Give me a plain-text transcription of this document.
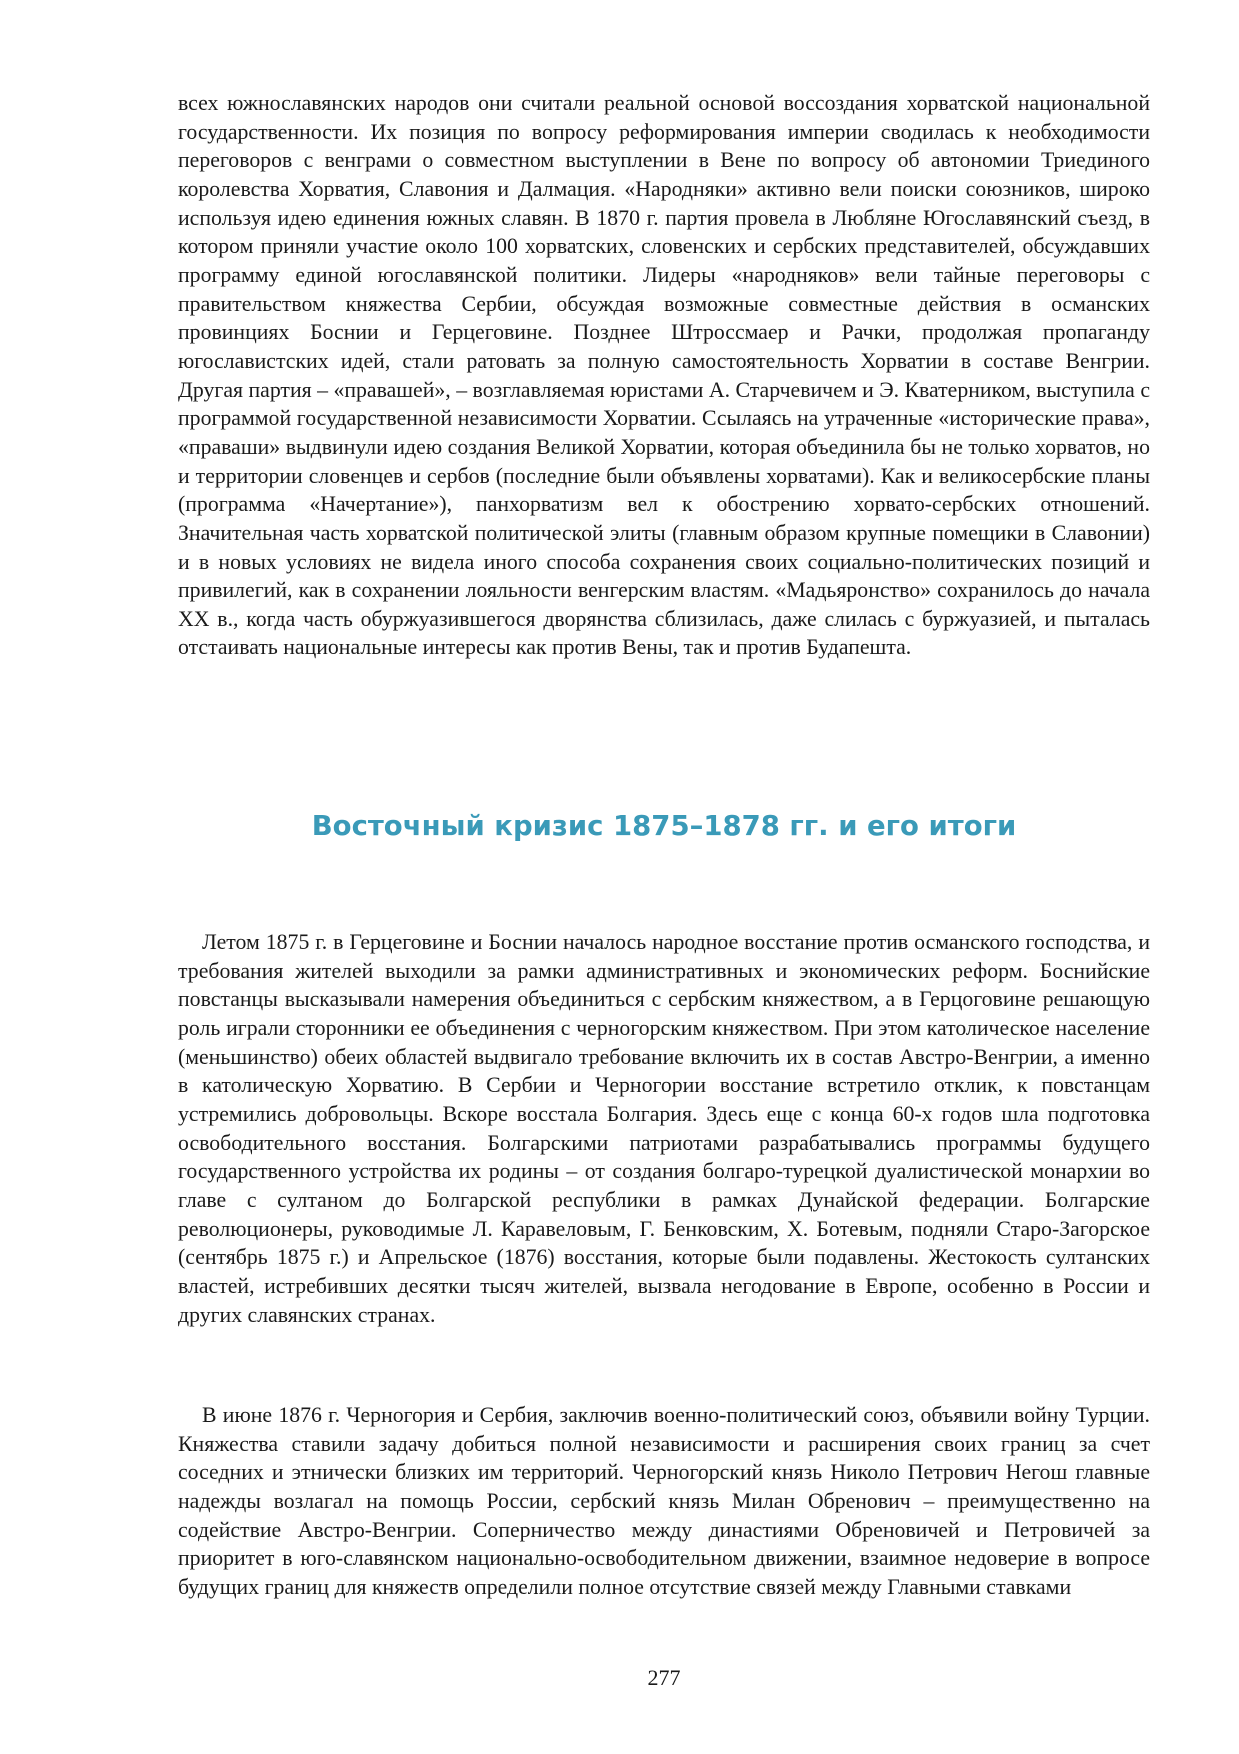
всех южнославянских народов они считали реальной основой воссоздания хорватской национальной государственности. Их позиция по вопросу реформирования империи сводилась к необходимости переговоров с венграми о совместном выступлении в Вене по вопросу об автономии Триединого королевства Хорватия, Славония и Далмация. «Народняки» активно вели поиски союзников, широко используя идею единения южных славян. В 1870 г. партия провела в Любляне Югославянский съезд, в котором приняли участие около 100 хорватских, словенских и сербских представителей, обсуждавших программу единой югославянской политики. Лидеры «народняков» вели тайные переговоры с правительством княжества Сербии, обсуждая возможные совместные действия в османских провинциях Боснии и Герцеговине. Позднее Штроссмаер и Рачки, продолжая пропаганду югославистских идей, стали ратовать за полную самостоятельность Хорватии в составе Венгрии. Другая партия – «правашей», – возглавляемая юристами А. Старчевичем и Э. Кватерником, выступила с программой государственной независимости Хорватии. Ссылаясь на утраченные «исторические права», «праваши» выдвинули идею создания Великой Хорватии, которая объединила бы не только хорватов, но и территории словенцев и сербов (последние были объявлены хорватами). Как и великосербские планы (программа «Начертание»), панхорватизм вел к обострению хорвато-сербских отношений. Значительная часть хорватской политической элиты (главным образом крупные помещики в Славонии) и в новых условиях не видела иного способа сохранения своих социально-политических позиций и привилегий, как в сохранении лояльности венгерским властям. «Мадьяронство» сохранилось до начала XX в., когда часть обуржуазившегося дворянства сблизилась, даже слилась с буржуазией, и пыталась отстаивать национальные интересы как против Вены, так и против Будапешта.

Восточный кризис 1875–1878 гг. и его итоги

Летом 1875 г. в Герцеговине и Боснии началось народное восстание против османского господства, и требования жителей выходили за рамки административных и экономических реформ. Боснийские повстанцы высказывали намерения объединиться с сербским княжеством, а в Герцоговине решающую роль играли сторонники ее объединения с черногорским княжеством. При этом католическое население (меньшинство) обеих областей выдвигало требование включить их в состав Австро-Венгрии, а именно в католическую Хорватию. В Сербии и Черногории восстание встретило отклик, к повстанцам устремились добровольцы. Вскоре восстала Болгария. Здесь еще с конца 60-х годов шла подготовка освободительного восстания. Болгарскими патриотами разрабатывались программы будущего государственного устройства их родины – от создания болгаро-турецкой дуалистической монархии во главе с султаном до Болгарской республики в рамках Дунайской федерации. Болгарские революционеры, руководимые Л. Каравеловым, Г. Бенковским, Х. Ботевым, подняли Старо-Загорское (сентябрь 1875 г.) и Апрельское (1876) восстания, которые были подавлены. Жестокость султанских властей, истребивших десятки тысяч жителей, вызвала негодование в Европе, особенно в России и других славянских странах.

В июне 1876 г. Черногория и Сербия, заключив военно-политический союз, объявили войну Турции. Княжества ставили задачу добиться полной независимости и расширения своих границ за счет соседних и этнически близких им территорий. Черногорский князь Николо Петрович Негош главные надежды возлагал на помощь России, сербский князь Милан Обренович – преимущественно на содействие Австро-Венгрии. Соперничество между династиями Обреновичей и Петровичей за приоритет в юго-славянском национально-освободительном движении, взаимное недоверие в вопросе будущих границ для княжеств определили полное отсутствие связей между Главными ставками

277
